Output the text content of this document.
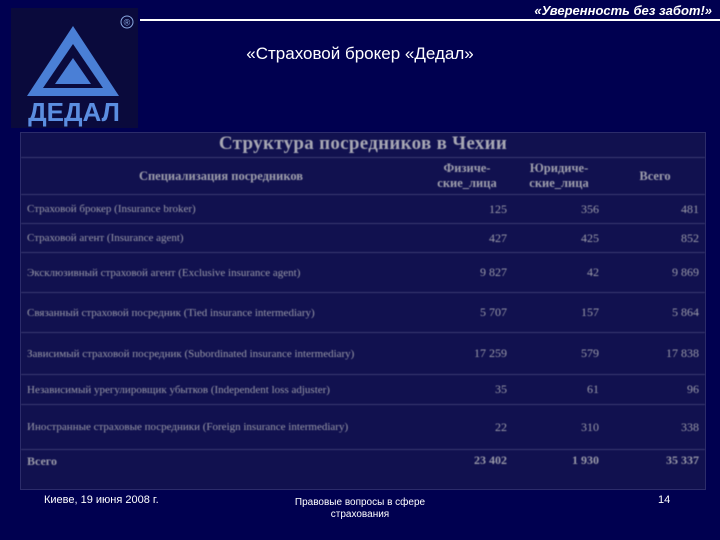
«Уверенность без забот!»
®
ДЕДАЛ
«Страховой брокер «Дедал»
Структура посредников в Чехии
Специализация посредников	Физиче-ские_лица	Юридиче-ские_лица	Всего
Страховой брокер (Insurance broker)	125	356	481
Страховой агент (Insurance agent)	427	425	852
Эксклюзивный страховой агент (Exclusive insurance agent)	9 827	42	9 869
Связанный страховой посредник (Tied insurance intermediary)	5 707	157	5 864
Зависимый страховой посредник (Subordinated insurance intermediary)	17 259	579	17 838
Независимый урегулировщик убытков (Independent loss adjuster)	35	61	96
Иностранные страховые посредники (Foreign insurance intermediary)	22	310	338
Всего	23 402	1 930	35 337
Киеве, 19 июня 2008 г.	Правовые вопросы в сфере страхования
14
